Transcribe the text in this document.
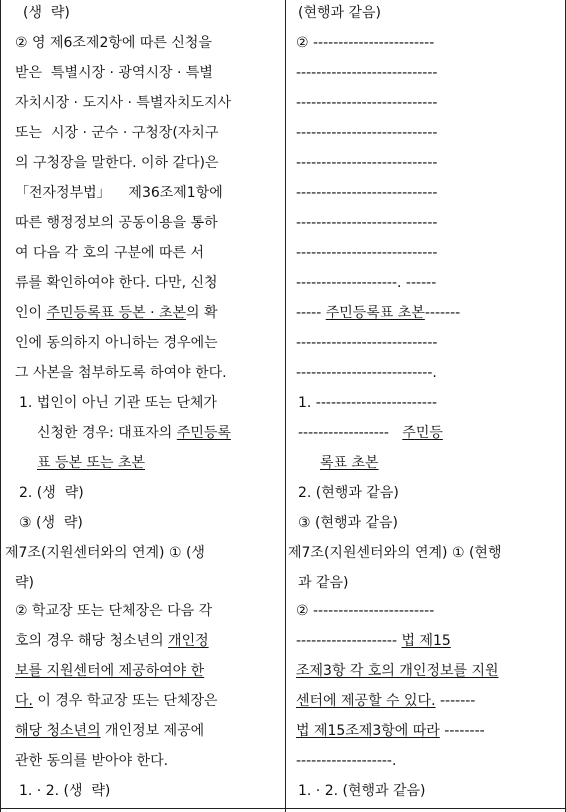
(생  략)
② 영 제6조제2항에 따른 신청을
받은  특별시장 · 광역시장 · 특별
자치시장 · 도지사 · 특별자치도지사
또는  시장 · 군수 · 구청장(자치구
의 구청장을 말한다. 이하 같다)은
「전자정부법」    제36조제1항에
따른 행정정보의 공동이용을 통하
여 다음 각 호의 구분에 따른 서
류를 확인하여야 한다. 다만, 신청
인이 주민등록표 등본 · 초본의 확
인에 동의하지 아니하는 경우에는
그 사본을 첨부하도록 하여야 한다.
1. 법인이 아닌 기관 또는 단체가
신청한 경우: 대표자의 주민등록
표 등본 또는 초본
2. (생  략)
③ (생  략)
제7조(지원센터와의 연계) ① (생
략)
② 학교장 또는 단체장은 다음 각
호의 경우 해당 청소년의 개인정
보를 지원센터에 제공하여야 한
다. 이 경우 학교장 또는 단체장은
해당 청소년의 개인정보 제공에
관한 동의를 받아야 한다.
1. · 2. (생  략)
(현행과 같음)
② ------------------------
----------------------------
----------------------------
----------------------------
----------------------------
----------------------------
----------------------------
----------------------------
--------------------. ------
----- 주민등록표 초본-------
----------------------------
---------------------------.
1. ------------------------
------------------   주민등
록표 초본
2. (현행과 같음)
③ (현행과 같음)
제7조(지원센터와의 연계) ① (현행
과 같음)
② ------------------------
-------------------- 법 제15
조제3항 각 호의 개인정보를 지원
센터에 제공할 수 있다. -------
법 제15조제3항에 따라 --------
-------------------.
1. · 2. (현행과 같음)
